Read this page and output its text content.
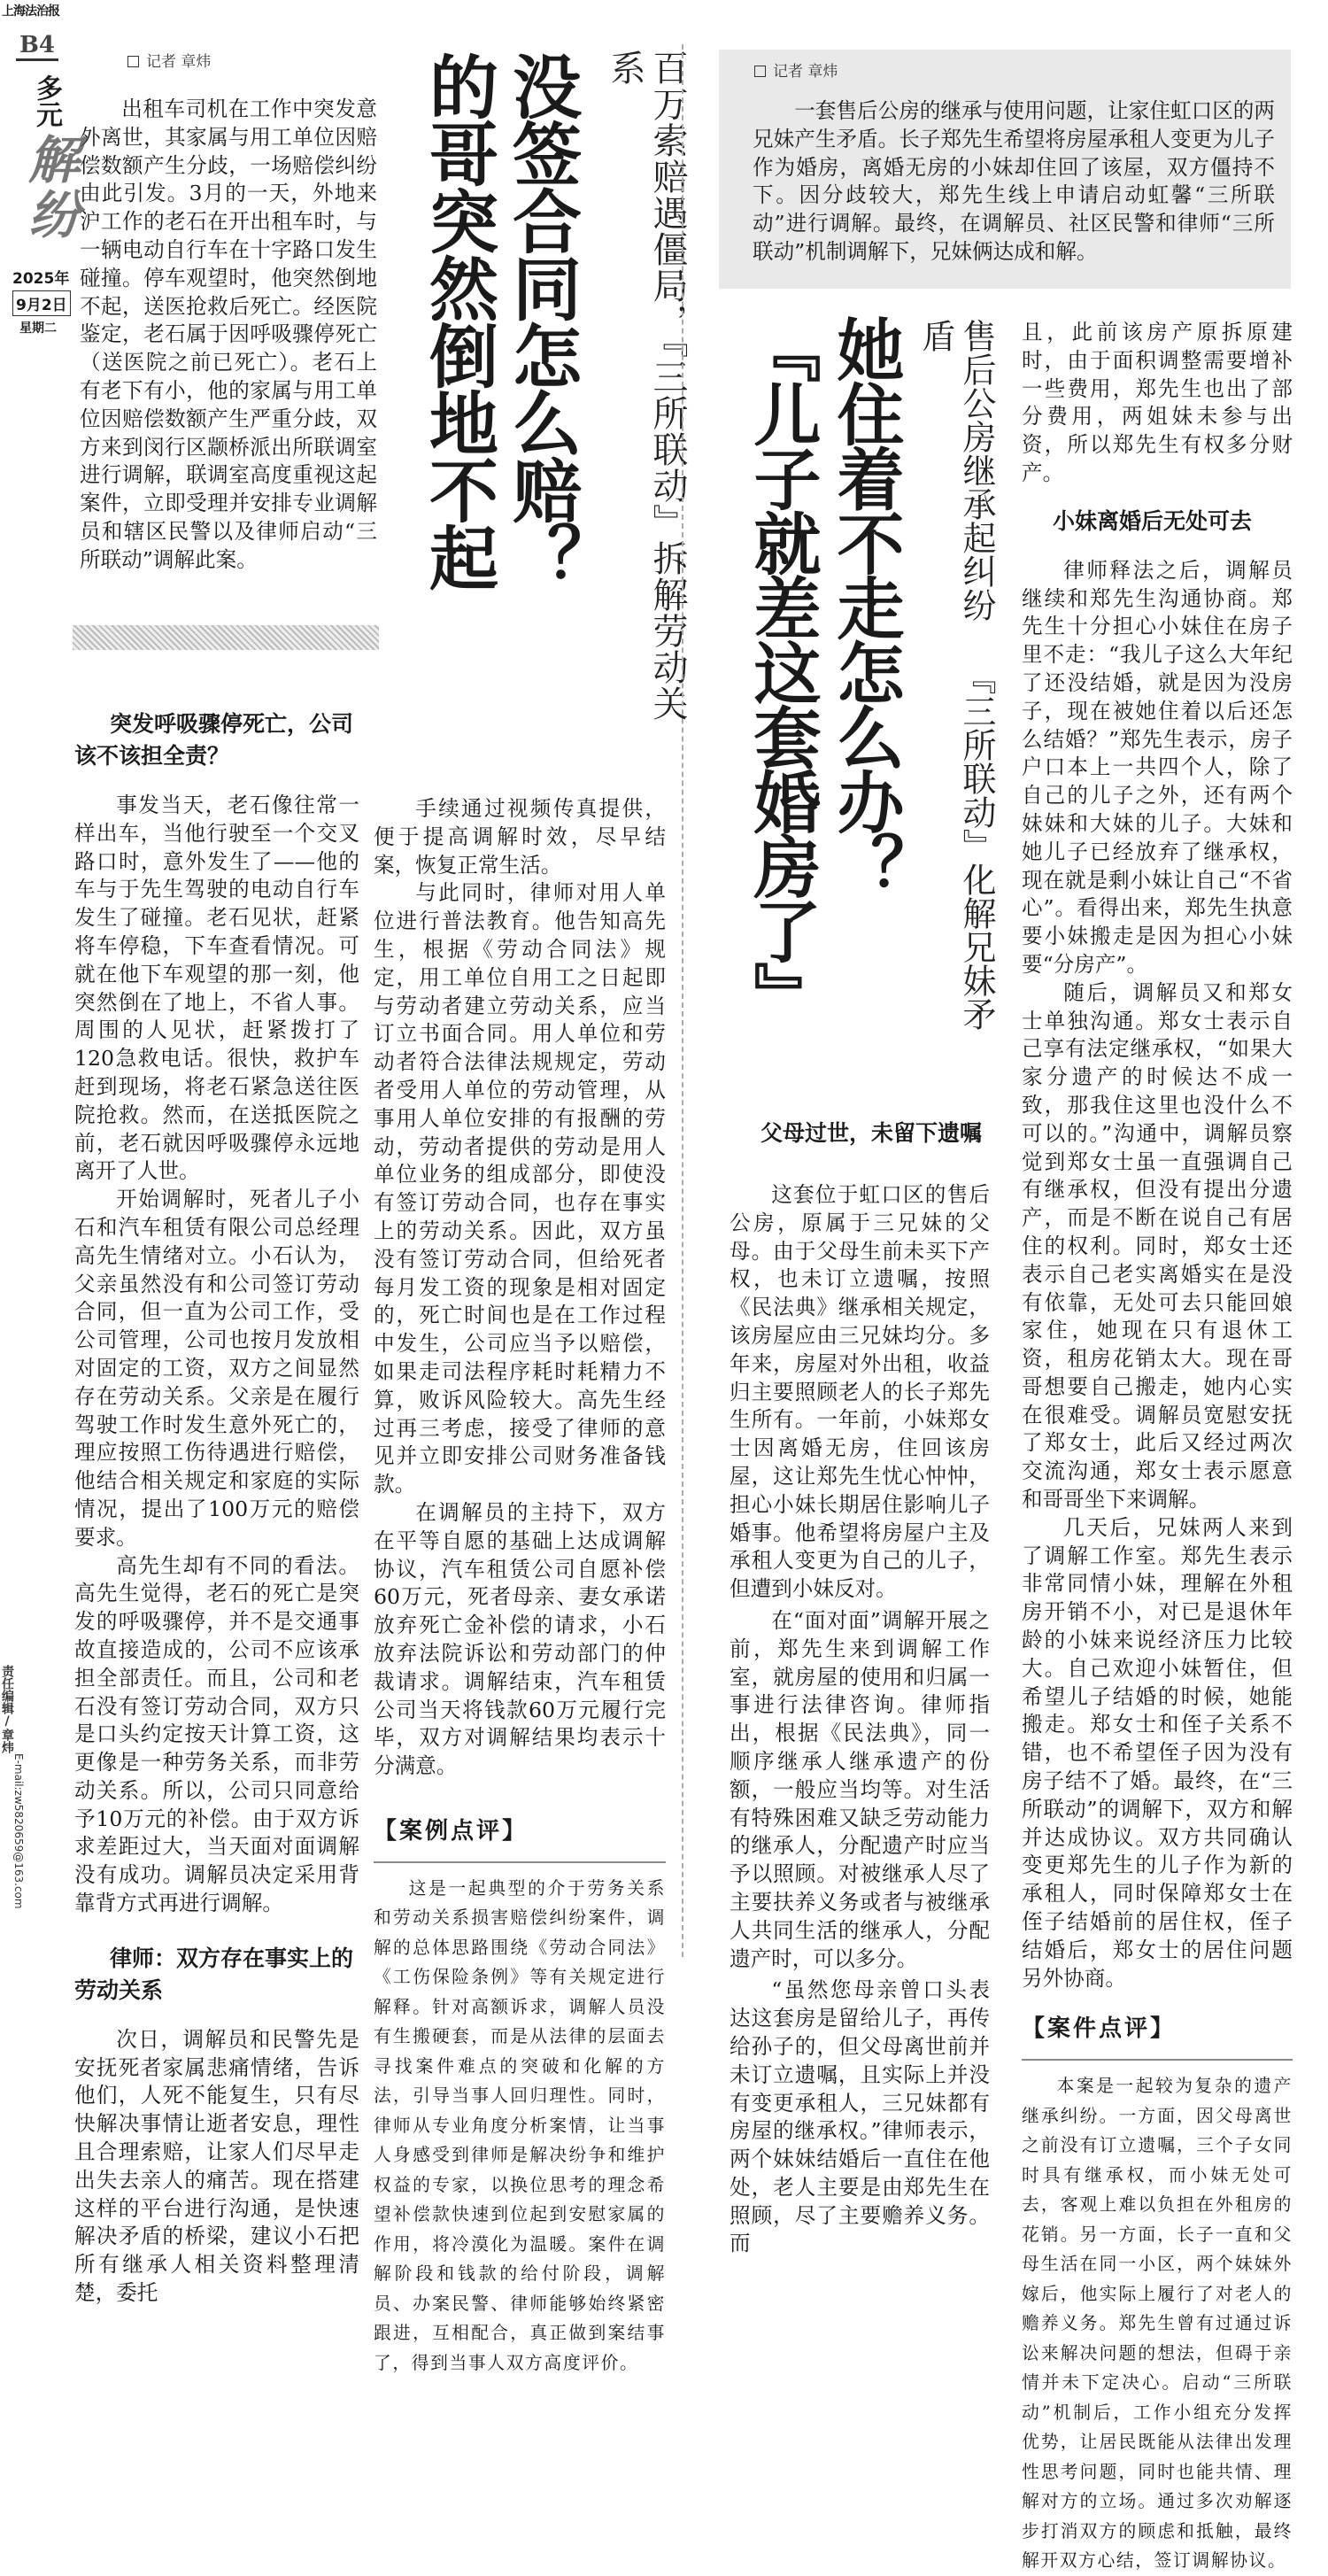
上海法治报
B4
多元
解纷
2025年
9月2日
星期二
责任编辑/章炜
E-mail:zw5820659@163.com
记者 章炜
出租车司机在工作中突发意外离世，其家属与用工单位因赔偿数额产生分歧，一场赔偿纠纷由此引发。3月的一天，外地来沪工作的老石在开出租车时，与一辆电动自行车在十字路口发生碰撞。停车观望时，他突然倒地不起，送医抢救后死亡。经医院鉴定，老石属于因呼吸骤停死亡（送医院之前已死亡）。老石上有老下有小，他的家属与用工单位因赔偿数额产生严重分歧，双方来到闵行区颛桥派出所联调室进行调解，联调室高度重视这起案件，立即受理并安排专业调解员和辖区民警以及律师启动“三所联动”调解此案。	百万索赔遇僵局，『三所联动』拆解劳动关系
没签合同怎么赔？
的哥突然倒地不起
突发呼吸骤停死亡，公司该不该担全责？

事发当天，老石像往常一样出车，当他行驶至一个交叉路口时，意外发生了——他的车与于先生驾驶的电动自行车发生了碰撞。老石见状，赶紧将车停稳，下车查看情况。可就在他下车观望的那一刻，他突然倒在了地上，不省人事。周围的人见状，赶紧拨打了120急救电话。很快，救护车赶到现场，将老石紧急送往医院抢救。然而，在送抵医院之前，老石就因呼吸骤停永远地离开了人世。

开始调解时，死者儿子小石和汽车租赁有限公司总经理高先生情绪对立。小石认为，父亲虽然没有和公司签订劳动合同，但一直为公司工作，受公司管理，公司也按月发放相对固定的工资，双方之间显然存在劳动关系。父亲是在履行驾驶工作时发生意外死亡的，理应按照工伤待遇进行赔偿，他结合相关规定和家庭的实际情况，提出了100万元的赔偿要求。

高先生却有不同的看法。高先生觉得，老石的死亡是突发的呼吸骤停，并不是交通事故直接造成的，公司不应该承担全部责任。而且，公司和老石没有签订劳动合同，双方只是口头约定按天计算工资，这更像是一种劳务关系，而非劳动关系。所以，公司只同意给予10万元的补偿。由于双方诉求差距过大，当天面对面调解没有成功。调解员决定采用背靠背方式再进行调解。

律师：双方存在事实上的劳动关系

次日，调解员和民警先是安抚死者家属悲痛情绪，告诉他们，人死不能复生，只有尽快解决事情让逝者安息，理性且合理索赔，让家人们尽早走出失去亲人的痛苦。现在搭建这样的平台进行沟通，是快速解决矛盾的桥梁，建议小石把所有继承人相关资料整理清楚，委托

手续通过视频传真提供，便于提高调解时效，尽早结案，恢复正常生活。

与此同时，律师对用人单位进行普法教育。他告知高先生，根据《劳动合同法》规定，用工单位自用工之日起即与劳动者建立劳动关系，应当订立书面合同。用人单位和劳动者符合法律法规规定，劳动者受用人单位的劳动管理，从事用人单位安排的有报酬的劳动，劳动者提供的劳动是用人单位业务的组成部分，即使没有签订劳动合同，也存在事实上的劳动关系。因此，双方虽没有签订劳动合同，但给死者每月发工资的现象是相对固定的，死亡时间也是在工作过程中发生，公司应当予以赔偿，如果走司法程序耗时耗精力不算，败诉风险较大。高先生经过再三考虑，接受了律师的意见并立即安排公司财务准备钱款。

在调解员的主持下，双方在平等自愿的基础上达成调解协议，汽车租赁公司自愿补偿60万元，死者母亲、妻女承诺放弃死亡金补偿的请求，小石放弃法院诉讼和劳动部门的仲裁请求。调解结束，汽车租赁公司当天将钱款60万元履行完毕，双方对调解结果均表示十分满意。

【案例点评】

这是一起典型的介于劳务关系和劳动关系损害赔偿纠纷案件，调解的总体思路围绕《劳动合同法》《工伤保险条例》等有关规定进行解释。针对高额诉求，调解人员没有生搬硬套，而是从法律的层面去寻找案件难点的突破和化解的方法，引导当事人回归理性。同时，律师从专业角度分析案情，让当事人身感受到律师是解决纷争和维护权益的专家，以换位思考的理念希望补偿款快速到位起到安慰家属的作用，将冷漠化为温暖。案件在调解阶段和钱款的给付阶段，调解员、办案民警、律师能够始终紧密跟进，互相配合，真正做到案结事了，得到当事人双方高度评价。

记者 章炜
一套售后公房的继承与使用问题，让家住虹口区的两兄妹产生矛盾。长子郑先生希望将房屋承租人变更为儿子作为婚房，离婚无房的小妹却住回了该屋，双方僵持不下。因分歧较大，郑先生线上申请启动虹馨“三所联动”进行调解。最终，在调解员、社区民警和律师“三所联动”机制调解下，兄妹俩达成和解。
售后公房继承起纠纷 『三所联动』化解兄妹矛盾
她住着不走怎么办？
『儿子就差这套婚房了』
父母过世，未留下遗嘱

这套位于虹口区的售后公房，原属于三兄妹的父母。由于父母生前未买下产权，也未订立遗嘱，按照《民法典》继承相关规定，该房屋应由三兄妹均分。多年来，房屋对外出租，收益归主要照顾老人的长子郑先生所有。一年前，小妹郑女士因离婚无房，住回该房屋，这让郑先生忧心忡忡，担心小妹长期居住影响儿子婚事。他希望将房屋户主及承租人变更为自己的儿子，但遭到小妹反对。

在“面对面”调解开展之前，郑先生来到调解工作室，就房屋的使用和归属一事进行法律咨询。律师指出，根据《民法典》，同一顺序继承人继承遗产的份额，一般应当均等。对生活有特殊困难又缺乏劳动能力的继承人，分配遗产时应当予以照顾。对被继承人尽了主要扶养义务或者与被继承人共同生活的继承人，分配遗产时，可以多分。

“虽然您母亲曾口头表达这套房是留给儿子，再传给孙子的，但父母离世前并未订立遗嘱，且实际上并没有变更承租人，三兄妹都有房屋的继承权。”律师表示，两个妹妹结婚后一直住在他处，老人主要是由郑先生在照顾，尽了主要赡养义务。而

且，此前该房产原拆原建时，由于面积调整需要增补一些费用，郑先生也出了部分费用，两姐妹未参与出资，所以郑先生有权多分财产。

小妹离婚后无处可去

律师释法之后，调解员继续和郑先生沟通协商。郑先生十分担心小妹住在房子里不走：“我儿子这么大年纪了还没结婚，就是因为没房子，现在被她住着以后还怎么结婚？”郑先生表示，房子户口本上一共四个人，除了自己的儿子之外，还有两个妹妹和大妹的儿子。大妹和她儿子已经放弃了继承权，现在就是剩小妹让自己“不省心”。看得出来，郑先生执意要小妹搬走是因为担心小妹要“分房产”。

随后，调解员又和郑女士单独沟通。郑女士表示自己享有法定继承权，“如果大家分遗产的时候达不成一致，那我住这里也没什么不可以的。”沟通中，调解员察觉到郑女士虽一直强调自己有继承权，但没有提出分遗产，而是不断在说自己有居住的权利。同时，郑女士还表示自己老实离婚实在是没有依靠，无处可去只能回娘家住，她现在只有退休工资，租房花销太大。现在哥哥想要自己搬走，她内心实在很难受。调解员宽慰安抚了郑女士，此后又经过两次交流沟通，郑女士表示愿意和哥哥坐下来调解。

几天后，兄妹两人来到了调解工作室。郑先生表示非常同情小妹，理解在外租房开销不小，对已是退休年龄的小妹来说经济压力比较大。自己欢迎小妹暂住，但希望儿子结婚的时候，她能搬走。郑女士和侄子关系不错，也不希望侄子因为没有房子结不了婚。最终，在“三所联动”的调解下，双方和解并达成协议。双方共同确认变更郑先生的儿子作为新的承租人，同时保障郑女士在侄子结婚前的居住权，侄子结婚后，郑女士的居住问题另外协商。

【案件点评】

本案是一起较为复杂的遗产继承纠纷。一方面，因父母离世之前没有订立遗嘱，三个子女同时具有继承权，而小妹无处可去，客观上难以负担在外租房的花销。另一方面，长子一直和父母生活在同一小区，两个妹妹外嫁后，他实际上履行了对老人的赡养义务。郑先生曾有过通过诉讼来解决问题的想法，但碍于亲情并未下定决心。启动“三所联动”机制后，工作小组充分发挥优势，让居民既能从法律出发理性思考问题，同时也能共情、理解对方的立场。通过多次劝解逐步打消双方的顾虑和抵触，最终解开双方心结，签订调解协议。
